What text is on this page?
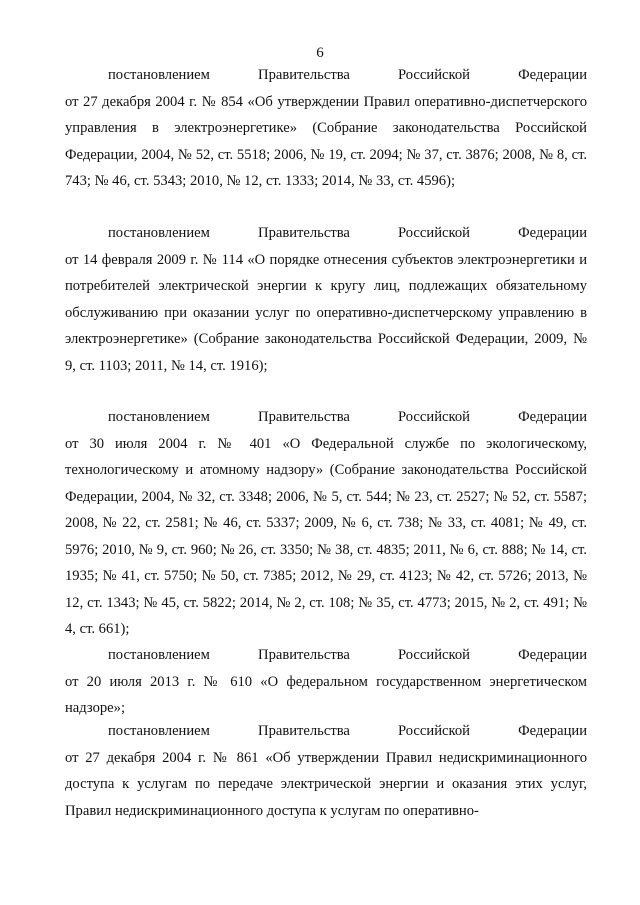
6
постановлением	Правительства	Российской	Федерации
от 27 декабря 2004 г. № 854 «Об утверждении Правил оперативно-диспетчерского управления в электроэнергетике» (Собрание законодательства Российской Федерации, 2004, № 52, ст. 5518; 2006, № 19, ст. 2094; № 37, ст. 3876; 2008, № 8, ст. 743; № 46, ст. 5343; 2010, № 12, ст. 1333; 2014, № 33, ст. 4596);
постановлением	Правительства	Российской	Федерации
от 14 февраля 2009 г. № 114 «О порядке отнесения субъектов электроэнергетики и потребителей электрической энергии к кругу лиц, подлежащих обязательному обслуживанию при оказании услуг по оперативно-диспетчерскому управлению в электроэнергетике» (Собрание законодательства Российской Федерации, 2009, № 9, ст. 1103; 2011, № 14, ст. 1916);
постановлением	Правительства	Российской	Федерации
от 30 июля 2004 г. № 401 «О Федеральной службе по экологическому, технологическому и атомному надзору» (Собрание законодательства Российской Федерации, 2004, № 32, ст. 3348; 2006, № 5, ст. 544; № 23, ст. 2527; № 52, ст. 5587; 2008, № 22, ст. 2581; № 46, ст. 5337; 2009, № 6, ст. 738; № 33, ст. 4081; № 49, ст. 5976; 2010, № 9, ст. 960; № 26, ст. 3350; № 38, ст. 4835; 2011, № 6, ст. 888; № 14, ст. 1935; № 41, ст. 5750; № 50, ст. 7385; 2012, № 29, ст. 4123; № 42, ст. 5726; 2013, № 12, ст. 1343; № 45, ст. 5822; 2014, № 2, ст. 108; № 35, ст. 4773; 2015, № 2, ст. 491; № 4, ст. 661);
постановлением	Правительства	Российской	Федерации
от 20 июля 2013 г. № 610 «О федеральном государственном энергетическом надзоре»;
постановлением	Правительства	Российской	Федерации
от 27 декабря 2004 г. № 861 «Об утверждении Правил недискриминационного доступа к услугам по передаче электрической энергии и оказания этих услуг, Правил недискриминационного доступа к услугам по оперативно-
